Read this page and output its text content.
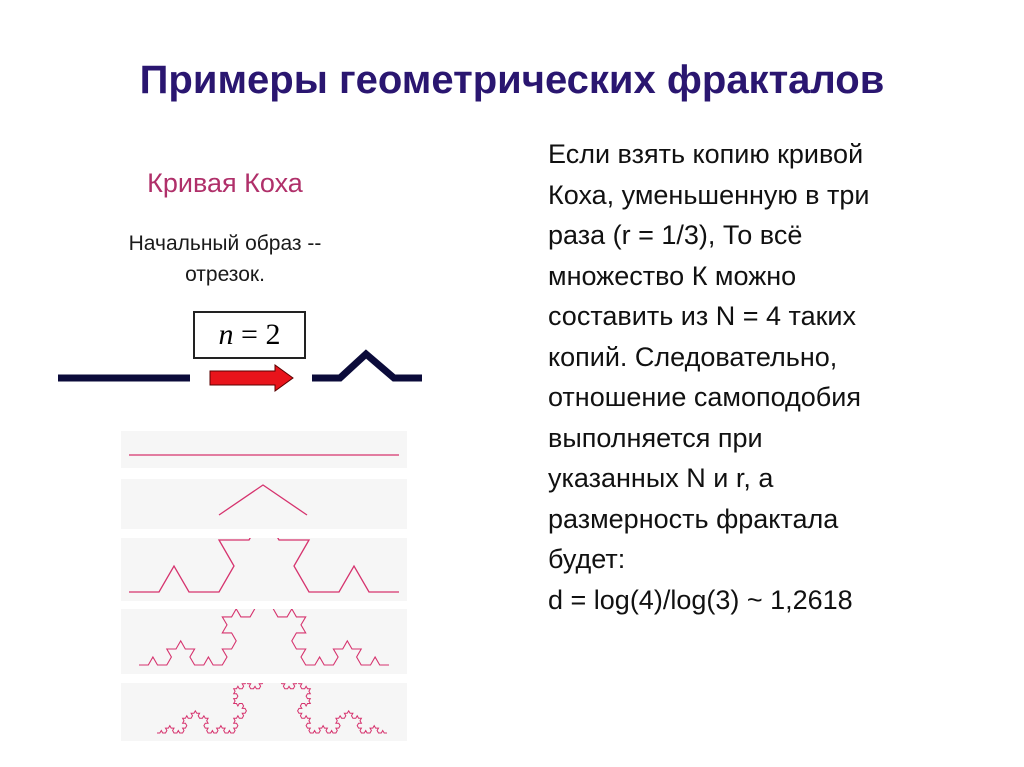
Примеры геометрических фракталов
Кривая Коха
Начальный образ --
отрезок.
n = 2
Если взять копию кривой
Коха, уменьшенную в три
раза (r = 1/3), То всё
множество К можно
составить из N = 4 таких
копий. Следовательно,
отношение самоподобия
выполняется при
указанных N и r, а
размерность фрактала
будет:
d = log(4)/log(3) ~ 1,2618
